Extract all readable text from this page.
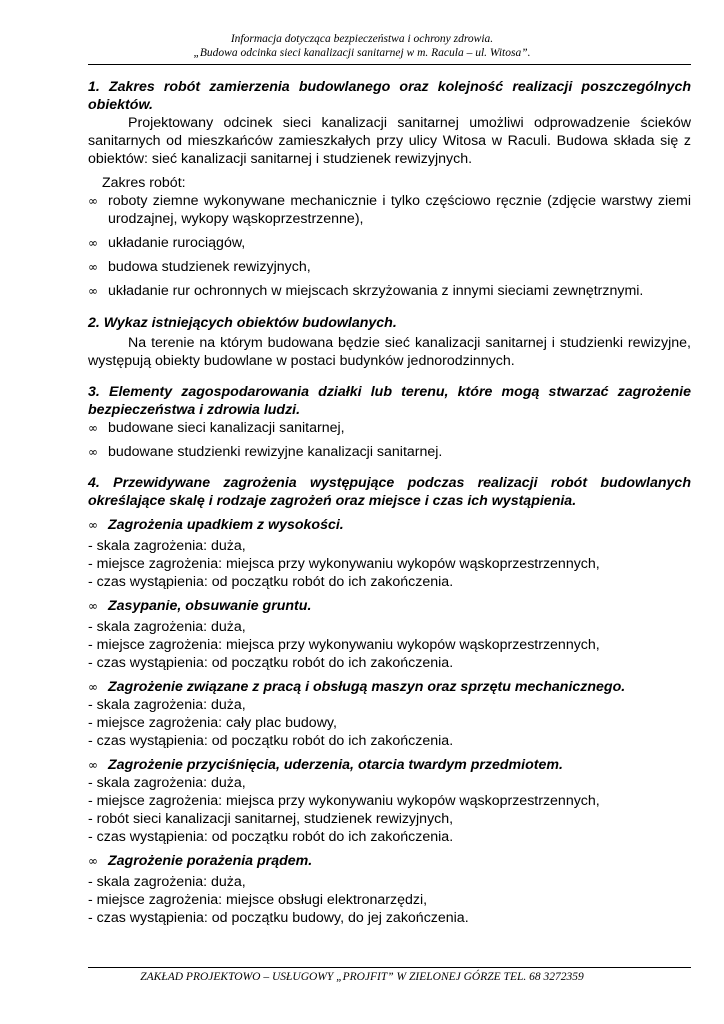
Informacja dotycząca bezpieczeństwa i ochrony zdrowia.
„Budowa odcinka sieci kanalizacji sanitarnej w m. Racula – ul. Witosa”.

1. Zakres robót zamierzenia budowlanego oraz kolejność realizacji poszczególnych obiektów.

Projektowany odcinek sieci kanalizacji sanitarnej umożliwi odprowadzenie ścieków sanitarnych od mieszkańców zamieszkałych przy ulicy Witosa w Raculi. Budowa składa się z obiektów: sieć kanalizacji sanitarnej i studzienek rewizyjnych.

Zakres robót:
∞ roboty ziemne wykonywane mechanicznie i tylko częściowo ręcznie (zdjęcie warstwy ziemi urodzajnej, wykopy wąskoprzestrzenne),
∞ układanie rurociągów,
∞ budowa studzienek rewizyjnych,
∞ układanie rur ochronnych w miejscach skrzyżowania z innymi sieciami zewnętrznymi.

2. Wykaz istniejących obiektów budowlanych.

Na terenie na którym budowana będzie sieć kanalizacji sanitarnej i studzienki rewizyjne, występują obiekty budowlane w postaci budynków jednorodzinnych.

3. Elementy zagospodarowania działki lub terenu, które mogą stwarzać zagrożenie bezpieczeństwa i zdrowia ludzi.

∞ budowane sieci kanalizacji sanitarnej,
∞ budowane studzienki rewizyjne kanalizacji sanitarnej.

4. Przewidywane zagrożenia występujące podczas realizacji robót budowlanych określające skalę i rodzaje zagrożeń oraz miejsce i czas ich wystąpienia.

∞ Zagrożenia upadkiem z wysokości.
- skala zagrożenia: duża,
- miejsce zagrożenia: miejsca przy wykonywaniu wykopów wąskoprzestrzennych,
- czas wystąpienia: od początku robót do ich zakończenia.
∞ Zasypanie, obsuwanie gruntu.
- skala zagrożenia: duża,
- miejsce zagrożenia: miejsca przy wykonywaniu wykopów wąskoprzestrzennych,
- czas wystąpienia: od początku robót do ich zakończenia.
∞ Zagrożenie związane z pracą i obsługą maszyn oraz sprzętu mechanicznego.
- skala zagrożenia: duża,
- miejsce zagrożenia: cały plac budowy,
- czas wystąpienia: od początku robót do ich zakończenia.
∞ Zagrożenie przyciśnięcia, uderzenia, otarcia twardym przedmiotem.
- skala zagrożenia: duża,
- miejsce zagrożenia: miejsca przy wykonywaniu wykopów wąskoprzestrzennych,
- robót sieci kanalizacji sanitarnej, studzienek rewizyjnych,
- czas wystąpienia: od początku robót do ich zakończenia.
∞ Zagrożenie porażenia prądem.
- skala zagrożenia: duża,
- miejsce zagrożenia: miejsce obsługi elektronarzędzi,
- czas wystąpienia: od początku budowy, do jej zakończenia.
ZAKŁAD PROJEKTOWO – USŁUGOWY „PROJFIT” W ZIELONEJ GÓRZE TEL. 68 3272359
